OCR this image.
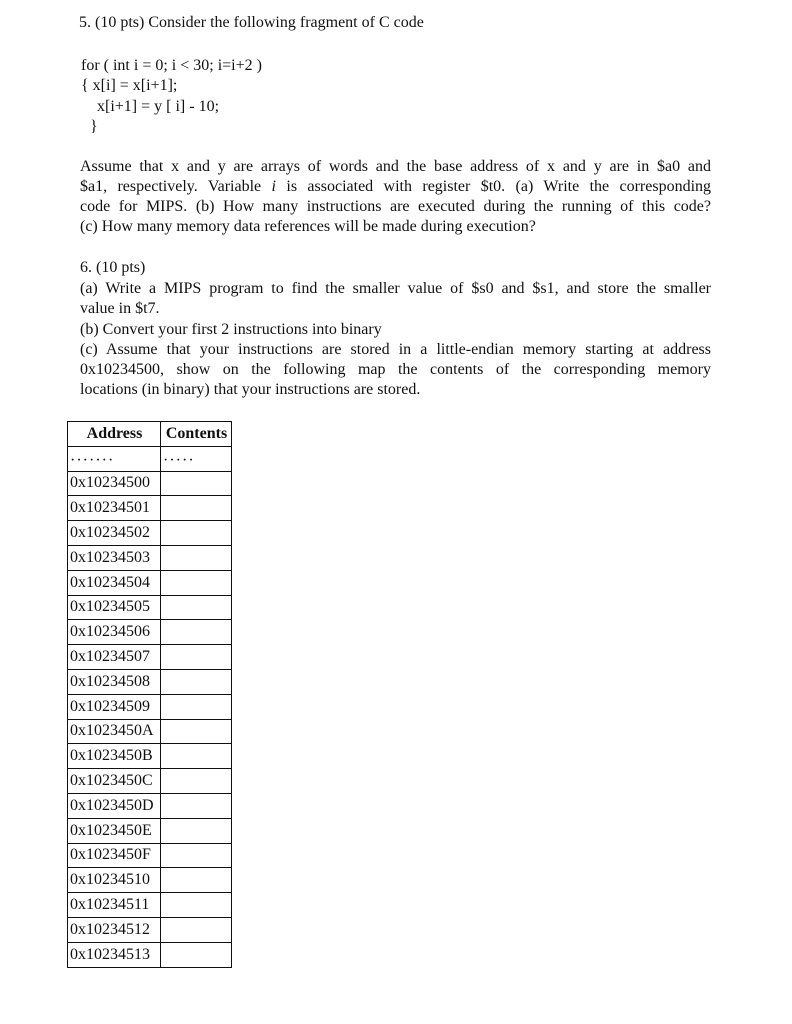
5. (10 pts) Consider the following fragment of C code
for ( int i = 0; i < 30; i=i+2 )
{ x[i] = x[i+1];
x[i+1] = y [ i] - 10;
}
Assume that x and y are arrays of words and the base address of x and y are in $a0 and
$a1, respectively. Variable i is associated with register $t0. (a) Write the corresponding
code for MIPS. (b) How many instructions are executed during the running of this code?
(c) How many memory data references will be made during execution?
6. (10 pts)
(a) Write a MIPS program to find the smaller value of $s0 and $s1, and store the smaller
value in $t7.
(b) Convert your first 2 instructions into binary
(c) Assume that your instructions are stored in a little-endian memory starting at address
0x10234500, show on the following map the contents of the corresponding memory
locations (in binary) that your instructions are stored.
Address	Contents
·······	·····
0x10234500	
0x10234501	
0x10234502	
0x10234503	
0x10234504	
0x10234505	
0x10234506	
0x10234507	
0x10234508	
0x10234509	
0x1023450A	
0x1023450B	
0x1023450C	
0x1023450D	
0x1023450E	
0x1023450F	
0x10234510	
0x10234511	
0x10234512	
0x10234513	
